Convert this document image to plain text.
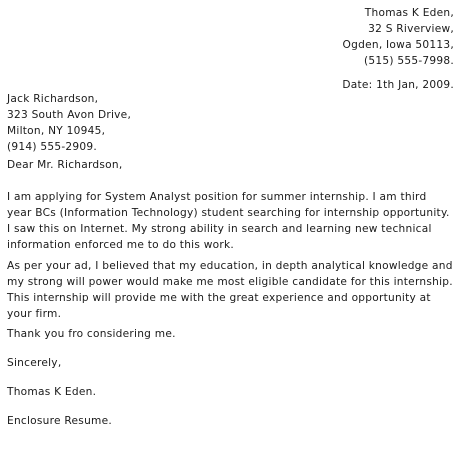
Thomas K Eden,
32 S Riverview,
Ogden, Iowa 50113,
(515) 555-7998.
Date: 1th Jan, 2009.
Jack Richardson,
323 South Avon Drive,
Milton, NY 10945,
(914) 555-2909.
Dear Mr. Richardson,
I am applying for System Analyst position for summer internship. I am third
year BCs (Information Technology) student searching for internship opportunity.
I saw this on Internet. My strong ability in search and learning new technical
information enforced me to do this work.
As per your ad, I believed that my education, in depth analytical knowledge and
my strong will power would make me most eligible candidate for this internship.
This internship will provide me with the great experience and opportunity at
your firm.
Thank you fro considering me.
Sincerely,
Thomas K Eden.
Enclosure Resume.
